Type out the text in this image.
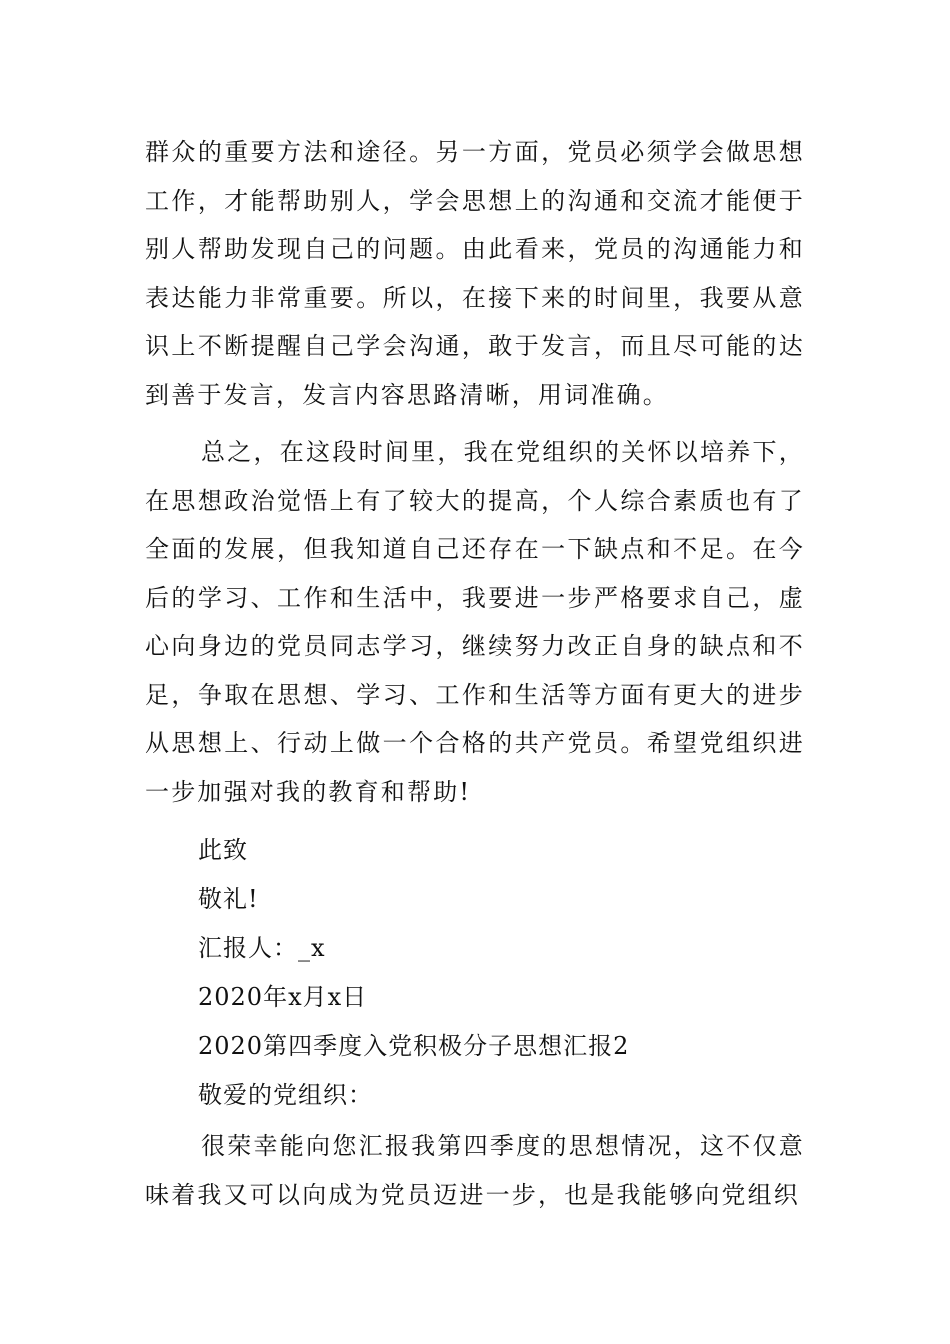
群众的重要方法和途径。另一方面，党员必须学会做思想工作，才能帮助别人，学会思想上的沟通和交流才能便于别人帮助发现自己的问题。由此看来，党员的沟通能力和表达能力非常重要。所以，在接下来的时间里，我要从意识上不断提醒自己学会沟通，敢于发言，而且尽可能的达到善于发言，发言内容思路清晰，用词准确。

总之，在这段时间里，我在党组织的关怀以培养下，在思想政治觉悟上有了较大的提高，个人综合素质也有了全面的发展，但我知道自己还存在一下缺点和不足。在今后的学习、工作和生活中，我要进一步严格要求自己，虚心向身边的党员同志学习，继续努力改正自身的缺点和不足，争取在思想、学习、工作和生活等方面有更大的进步从思想上、行动上做一个合格的共产党员。希望党组织进一步加强对我的教育和帮助!

此致

敬礼!

汇报人：_x

2020年x月x日

2020第四季度入党积极分子思想汇报2

敬爱的党组织：

很荣幸能向您汇报我第四季度的思想情况，这不仅意味着我又可以向成为党员迈进一步，也是我能够向党组织
